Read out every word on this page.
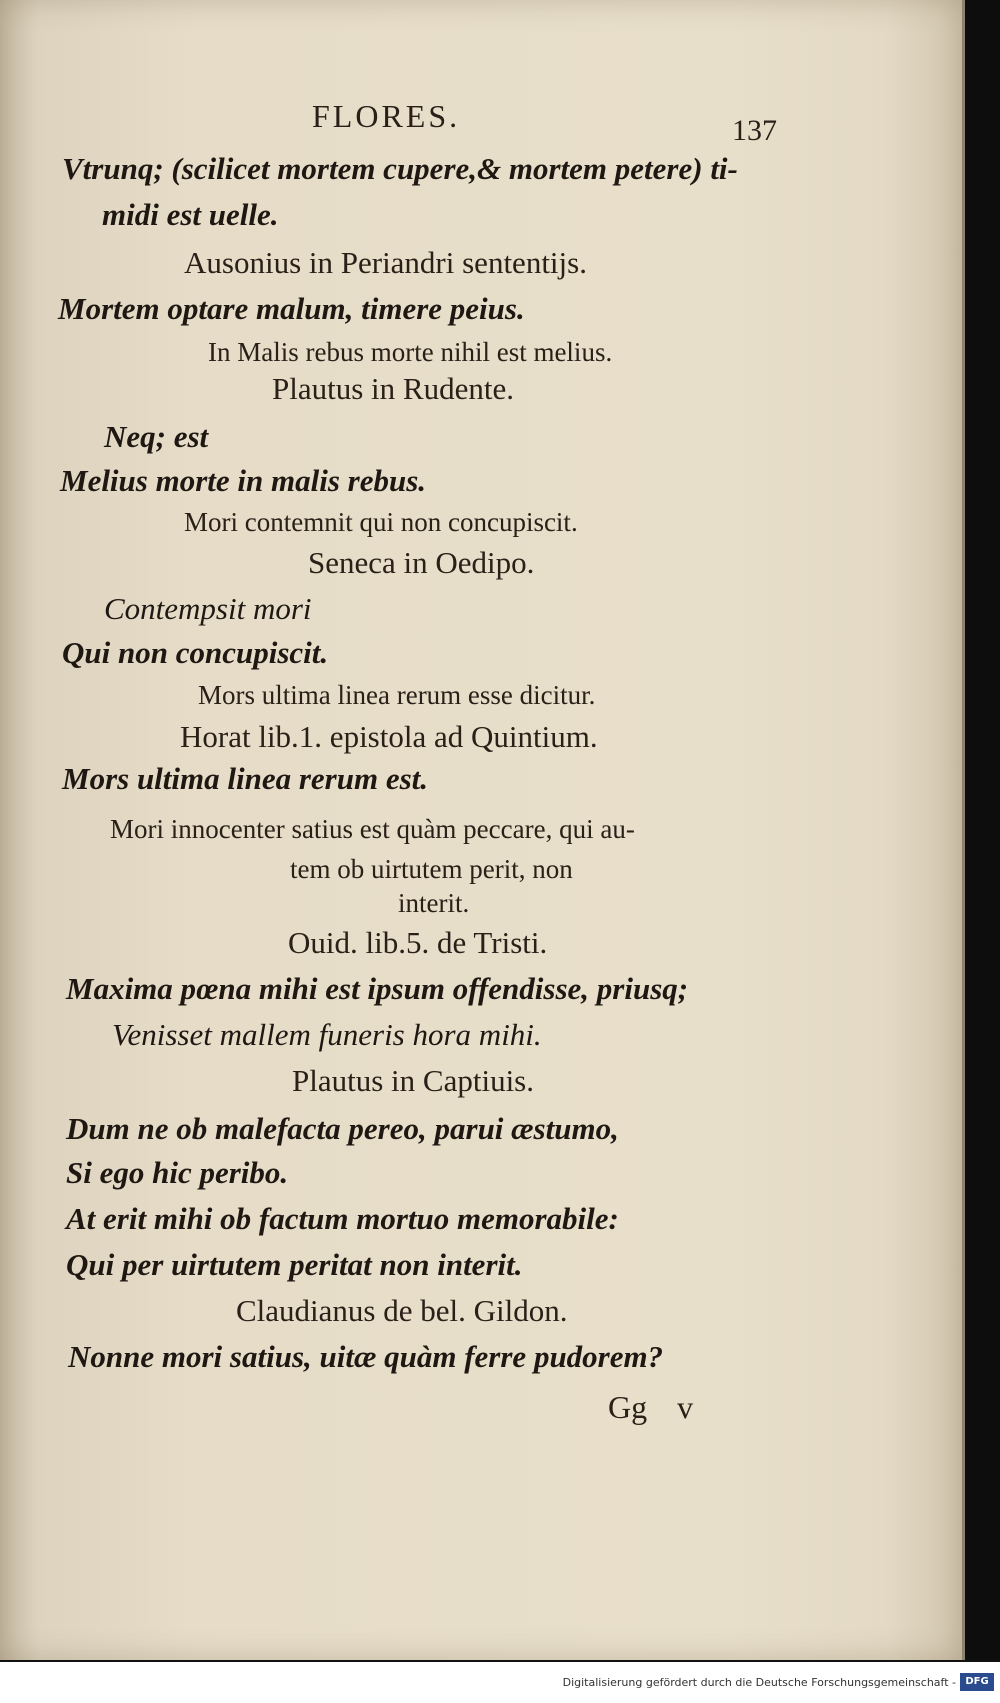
FLORES.	137
Vtrunq; (scilicet mortem cupere,& mortem petere) ti-
midi est uelle.
Ausonius in Periandri sententijs.
Mortem optare malum, timere peius.
In Malis rebus morte nihil est melius.
Plautus in Rudente.
Neq; est
Melius morte in malis rebus.
Mori contemnit qui non concupiscit.
Seneca in Oedipo.
Contempsit mori
Qui non concupiscit.
Mors ultima linea rerum esse dicitur.
Horat lib.1. epistola ad Quintium.
Mors ultima linea rerum est.
Mori innocenter satius est quàm peccare, qui au-
tem ob uirtutem perit, non
interit.
Ouid. lib.5. de Tristi.
Maxima pœna mihi est ipsum offendisse, priusq;
Venisset mallem funeris hora mihi.
Plautus in Captiuis.
Dum ne ob malefacta pereo, parui æstumo,
Si ego hic peribo.
At erit mihi ob factum mortuo memorabile:
Qui per uirtutem peritat non interit.
Claudianus de bel. Gildon.
Nonne mori satius, uitæ quàm ferre pudorem?
Gg v
Digitalisierung gefördert durch die Deutsche Forschungsgemeinschaft - DFG
